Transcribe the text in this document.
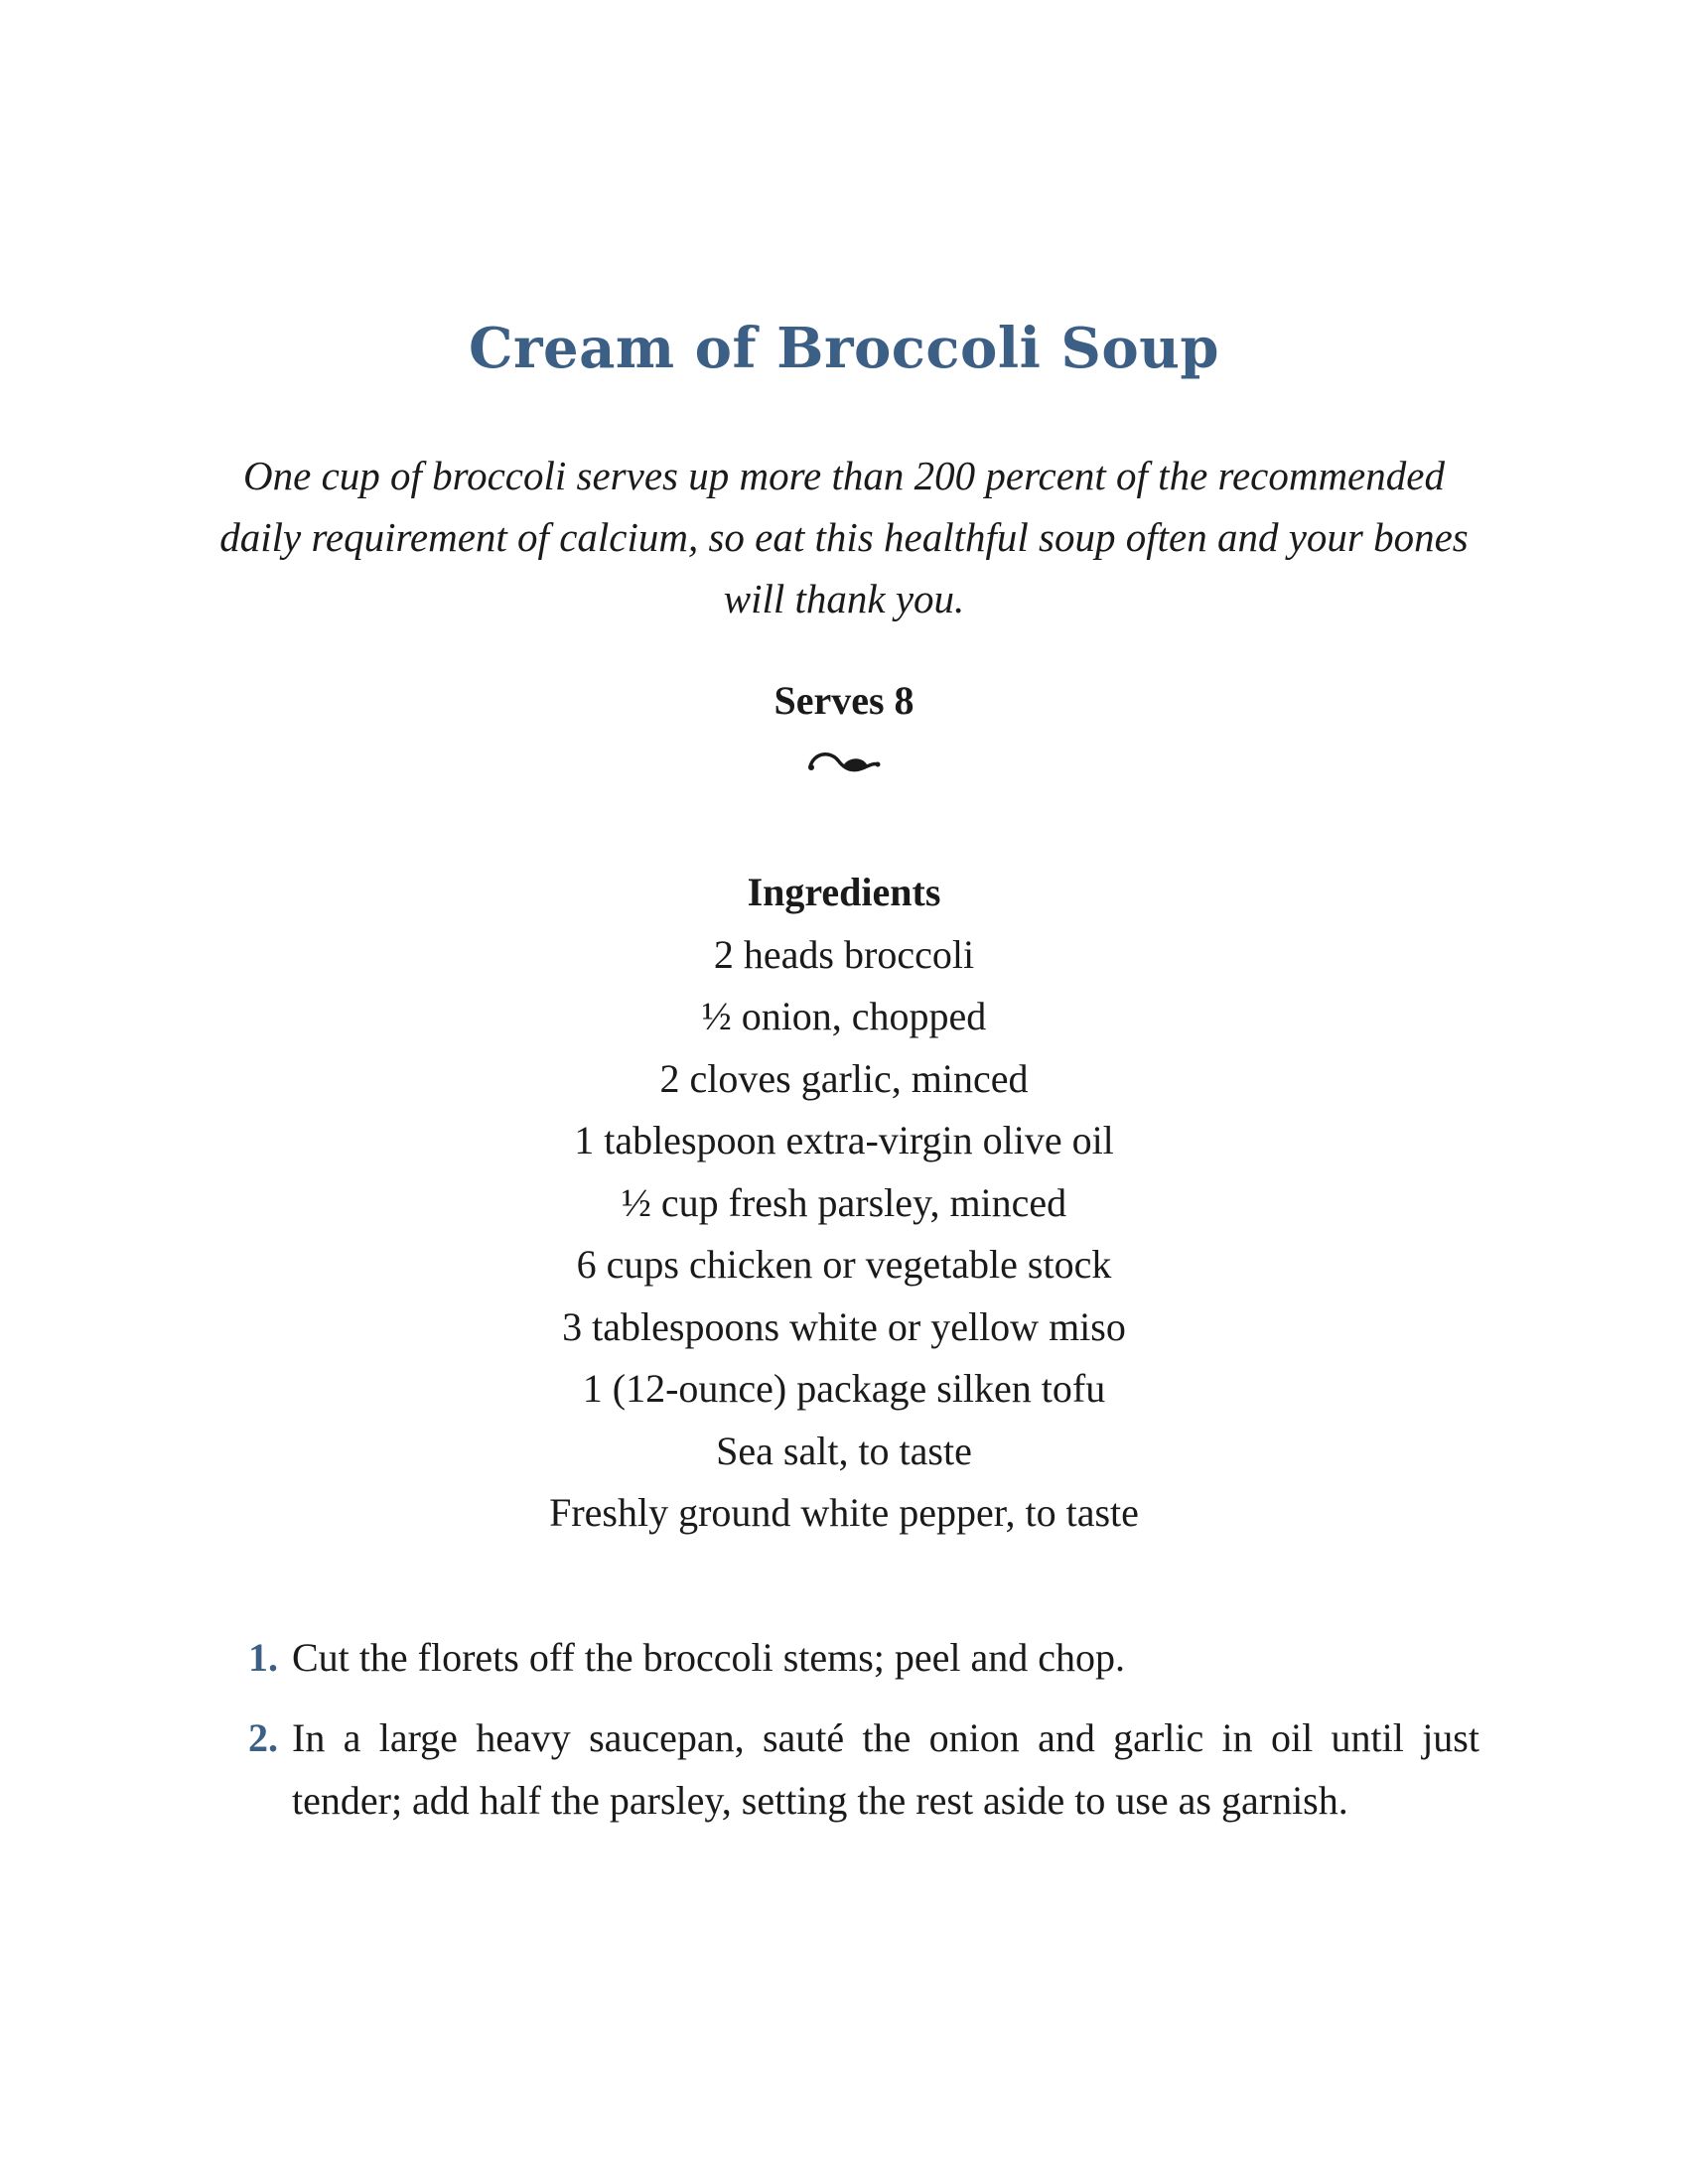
Cream of Broccoli Soup

One cup of broccoli serves up more than 200 percent of the recommended daily requirement of calcium, so eat this healthful soup often and your bones will thank you.

Serves 8

Ingredients

2 heads broccoli
½ onion, chopped
2 cloves garlic, minced
1 tablespoon extra-virgin olive oil
½ cup fresh parsley, minced
6 cups chicken or vegetable stock
3 tablespoons white or yellow miso
1 (12-ounce) package silken tofu
Sea salt, to taste
Freshly ground white pepper, to taste
1. Cut the florets off the broccoli stems; peel and chop.
2. In a large heavy saucepan, sauté the onion and garlic in oil until just tender; add half the parsley, setting the rest aside to use as garnish.
